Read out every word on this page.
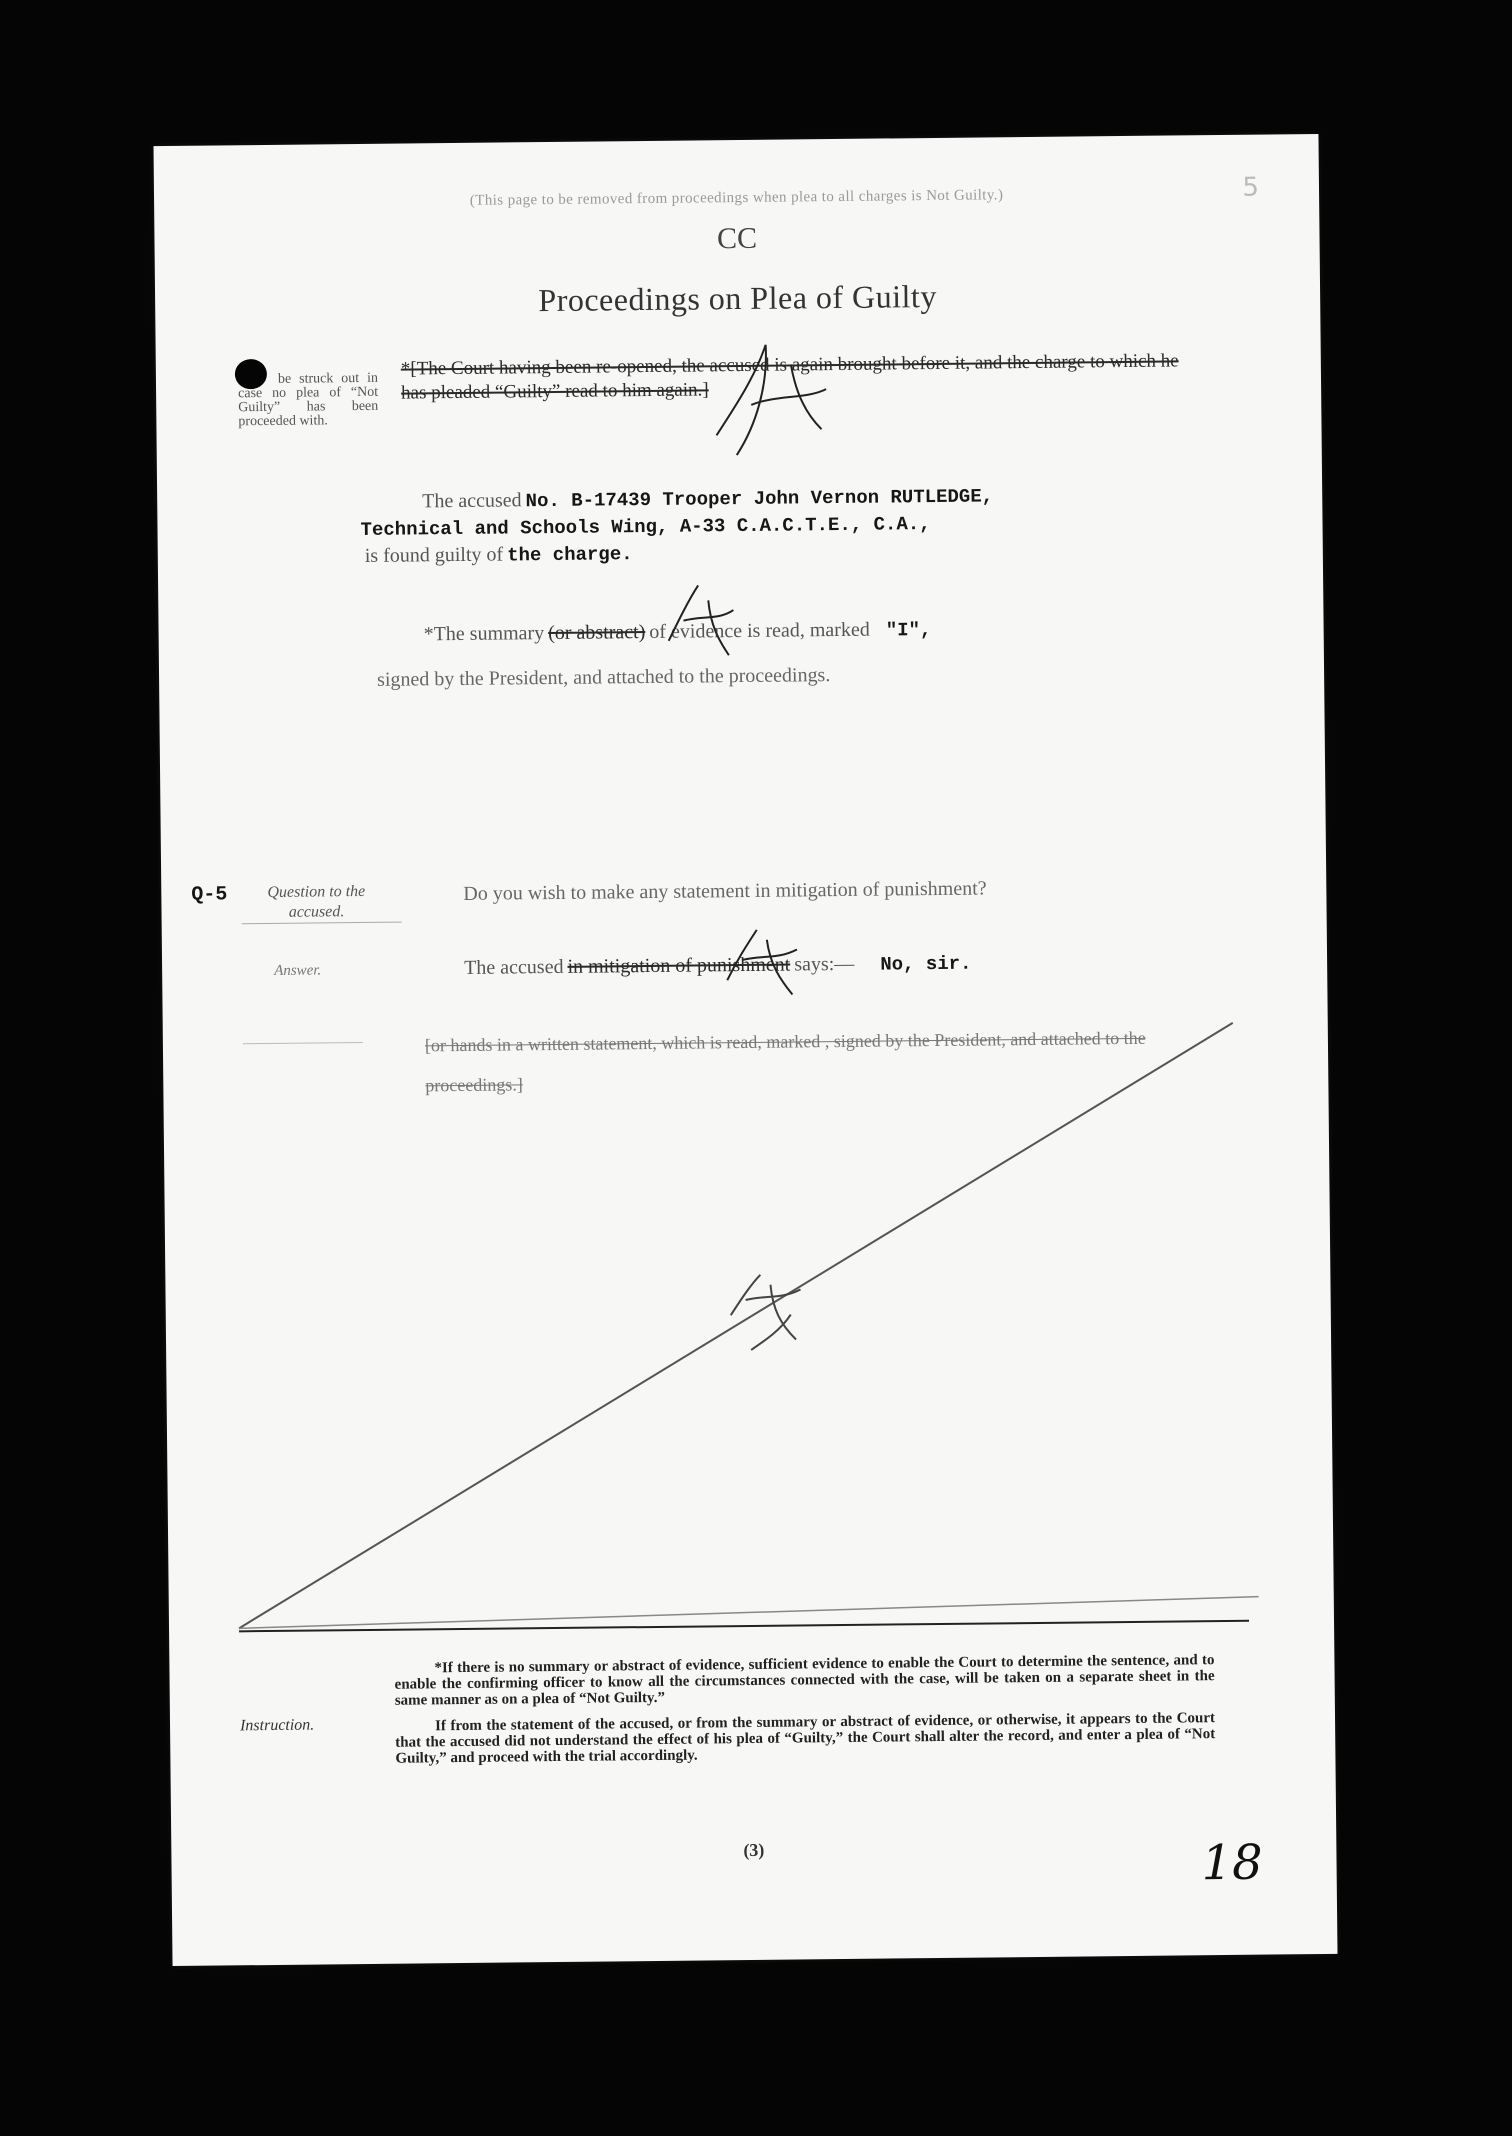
(This page to be removed from proceedings when plea to all charges is Not Guilty.)	5
CC
Proceedings on Plea of Guilty
be struck out in case no plea of “Not Guilty” has been proceeded with.
*[The Court having been re-opened, the accused is again brought before it, and the charge to which he has pleaded “Guilty” read to him again.]
The accused No. B-17439 Trooper John Vernon RUTLEDGE,
Technical and Schools Wing, A-33 C.A.C.T.E., C.A.,
is found guilty of the charge.
*The summary (or abstract) of evidence is read, marked "I",
signed by the President, and attached to the proceedings.
Q-5	Question to the accused.
Do you wish to make any statement in mitigation of punishment?
Answer.	The accused in mitigation of punishment says:— No, sir.
[or hands in a written statement, which is read, marked , signed by the President, and attached to the proceedings.]
Instruction.
*If there is no summary or abstract of evidence, sufficient evidence to enable the Court to determine the sentence, and to enable the confirming officer to know all the circumstances connected with the case, will be taken on a separate sheet in the same manner as on a plea of “Not Guilty.”
If from the statement of the accused, or from the summary or abstract of evidence, or otherwise, it appears to the Court that the accused did not understand the effect of his plea of “Guilty,” the Court shall alter the record, and enter a plea of “Not Guilty,” and proceed with the trial accordingly.
(3)	18
